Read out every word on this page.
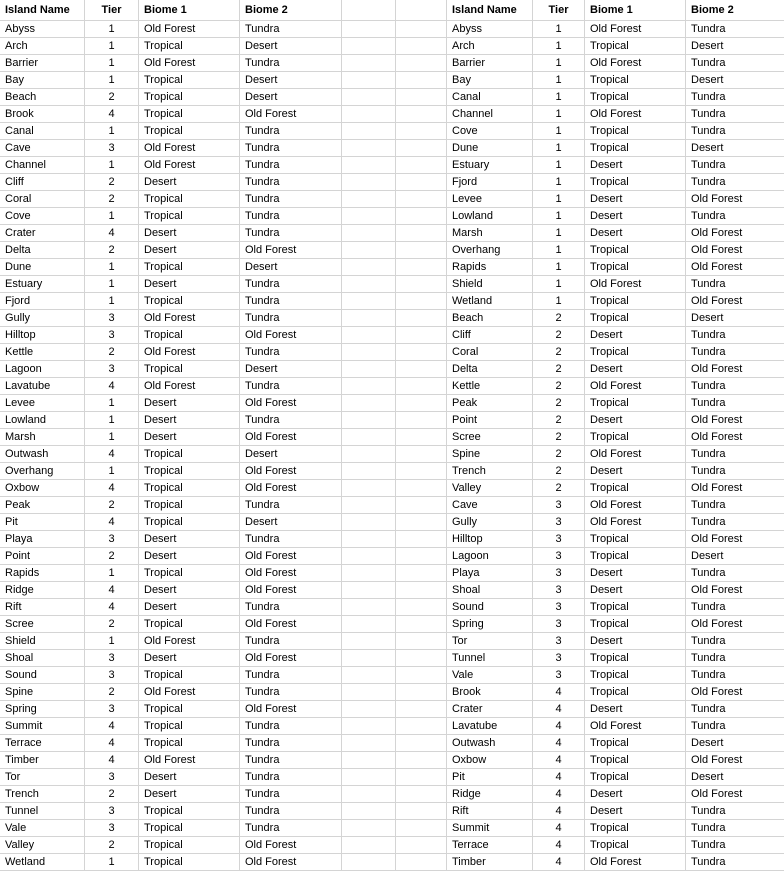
Island Name	Tier	Biome 1	Biome 2	Island Name	Tier	Biome 1	Biome 2
Abyss	1	Old Forest	Tundra	Abyss	1	Old Forest	Tundra
Arch	1	Tropical	Desert	Arch	1	Tropical	Desert
Barrier	1	Old Forest	Tundra	Barrier	1	Old Forest	Tundra
Bay	1	Tropical	Desert	Bay	1	Tropical	Desert
Beach	2	Tropical	Desert	Canal	1	Tropical	Tundra
Brook	4	Tropical	Old Forest	Channel	1	Old Forest	Tundra
Canal	1	Tropical	Tundra	Cove	1	Tropical	Tundra
Cave	3	Old Forest	Tundra	Dune	1	Tropical	Desert
Channel	1	Old Forest	Tundra	Estuary	1	Desert	Tundra
Cliff	2	Desert	Tundra	Fjord	1	Tropical	Tundra
Coral	2	Tropical	Tundra	Levee	1	Desert	Old Forest
Cove	1	Tropical	Tundra	Lowland	1	Desert	Tundra
Crater	4	Desert	Tundra	Marsh	1	Desert	Old Forest
Delta	2	Desert	Old Forest	Overhang	1	Tropical	Old Forest
Dune	1	Tropical	Desert	Rapids	1	Tropical	Old Forest
Estuary	1	Desert	Tundra	Shield	1	Old Forest	Tundra
Fjord	1	Tropical	Tundra	Wetland	1	Tropical	Old Forest
Gully	3	Old Forest	Tundra	Beach	2	Tropical	Desert
Hilltop	3	Tropical	Old Forest	Cliff	2	Desert	Tundra
Kettle	2	Old Forest	Tundra	Coral	2	Tropical	Tundra
Lagoon	3	Tropical	Desert	Delta	2	Desert	Old Forest
Lavatube	4	Old Forest	Tundra	Kettle	2	Old Forest	Tundra
Levee	1	Desert	Old Forest	Peak	2	Tropical	Tundra
Lowland	1	Desert	Tundra	Point	2	Desert	Old Forest
Marsh	1	Desert	Old Forest	Scree	2	Tropical	Old Forest
Outwash	4	Tropical	Desert	Spine	2	Old Forest	Tundra
Overhang	1	Tropical	Old Forest	Trench	2	Desert	Tundra
Oxbow	4	Tropical	Old Forest	Valley	2	Tropical	Old Forest
Peak	2	Tropical	Tundra	Cave	3	Old Forest	Tundra
Pit	4	Tropical	Desert	Gully	3	Old Forest	Tundra
Playa	3	Desert	Tundra	Hilltop	3	Tropical	Old Forest
Point	2	Desert	Old Forest	Lagoon	3	Tropical	Desert
Rapids	1	Tropical	Old Forest	Playa	3	Desert	Tundra
Ridge	4	Desert	Old Forest	Shoal	3	Desert	Old Forest
Rift	4	Desert	Tundra	Sound	3	Tropical	Tundra
Scree	2	Tropical	Old Forest	Spring	3	Tropical	Old Forest
Shield	1	Old Forest	Tundra	Tor	3	Desert	Tundra
Shoal	3	Desert	Old Forest	Tunnel	3	Tropical	Tundra
Sound	3	Tropical	Tundra	Vale	3	Tropical	Tundra
Spine	2	Old Forest	Tundra	Brook	4	Tropical	Old Forest
Spring	3	Tropical	Old Forest	Crater	4	Desert	Tundra
Summit	4	Tropical	Tundra	Lavatube	4	Old Forest	Tundra
Terrace	4	Tropical	Tundra	Outwash	4	Tropical	Desert
Timber	4	Old Forest	Tundra	Oxbow	4	Tropical	Old Forest
Tor	3	Desert	Tundra	Pit	4	Tropical	Desert
Trench	2	Desert	Tundra	Ridge	4	Desert	Old Forest
Tunnel	3	Tropical	Tundra	Rift	4	Desert	Tundra
Vale	3	Tropical	Tundra	Summit	4	Tropical	Tundra
Valley	2	Tropical	Old Forest	Terrace	4	Tropical	Tundra
Wetland	1	Tropical	Old Forest	Timber	4	Old Forest	Tundra
